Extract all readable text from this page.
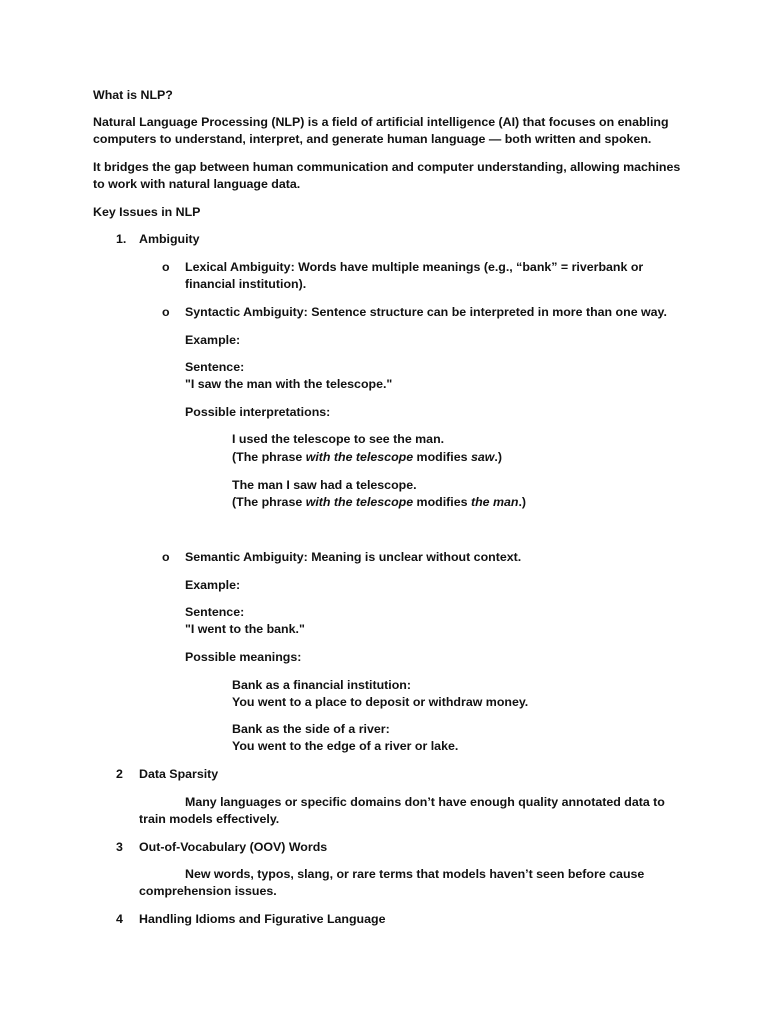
What is NLP?
Natural Language Processing (NLP) is a field of artificial intelligence (AI) that focuses on enabling computers to understand, interpret, and generate human language — both written and spoken.
It bridges the gap between human communication and computer understanding, allowing machines to work with natural language data.
Key Issues in NLP
1. Ambiguity
o Lexical Ambiguity: Words have multiple meanings (e.g., “bank” = riverbank or financial institution).
o Syntactic Ambiguity: Sentence structure can be interpreted in more than one way.
Example:
Sentence:
"I saw the man with the telescope."
Possible interpretations:
I used the telescope to see the man.
(The phrase with the telescope modifies saw.)
The man I saw had a telescope.
(The phrase with the telescope modifies the man.)
o Semantic Ambiguity: Meaning is unclear without context.
Example:
Sentence:
"I went to the bank."
Possible meanings:
Bank as a financial institution:
You went to a place to deposit or withdraw money.
Bank as the side of a river:
You went to the edge of a river or lake.
2 Data Sparsity
Many languages or specific domains don’t have enough quality annotated data to train models effectively.
3 Out-of-Vocabulary (OOV) Words
New words, typos, slang, or rare terms that models haven’t seen before cause comprehension issues.
4 Handling Idioms and Figurative Language
